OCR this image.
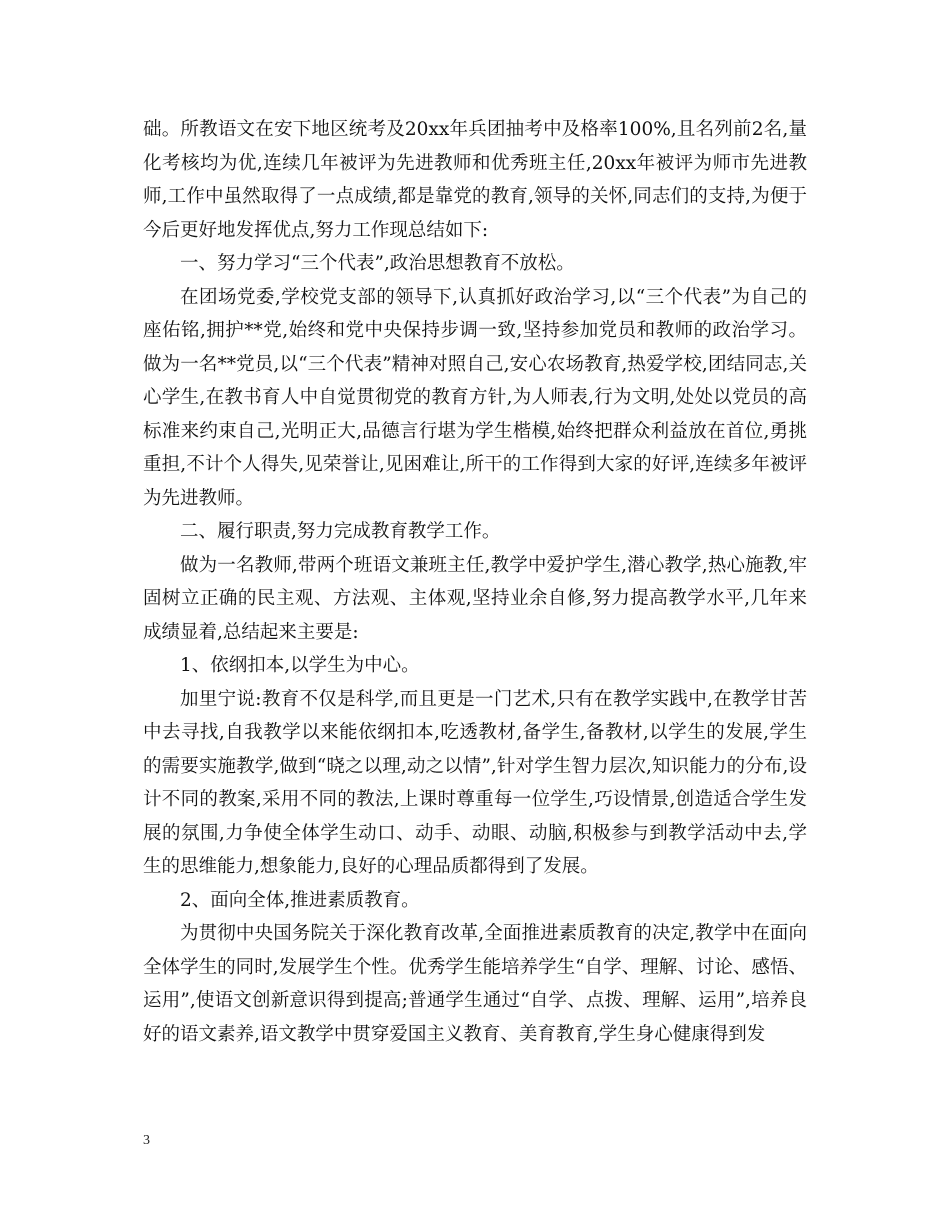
础。所教语文在安下地区统考及20xx年兵团抽考中及格率100%,且名列前2名,量化考核均为优,连续几年被评为先进教师和优秀班主任,20xx年被评为师市先进教师,工作中虽然取得了一点成绩,都是靠党的教育,领导的关怀,同志们的支持,为便于今后更好地发挥优点,努力工作现总结如下:

一、努力学习“三个代表”,政治思想教育不放松。

在团场党委,学校党支部的领导下,认真抓好政治学习,以“三个代表”为自己的座佑铭,拥护**党,始终和党中央保持步调一致,坚持参加党员和教师的政治学习。做为一名**党员,以“三个代表”精神对照自己,安心农场教育,热爱学校,团结同志,关心学生,在教书育人中自觉贯彻党的教育方针,为人师表,行为文明,处处以党员的高标准来约束自己,光明正大,品德言行堪为学生楷模,始终把群众利益放在首位,勇挑重担,不计个人得失,见荣誉让,见困难让,所干的工作得到大家的好评,连续多年被评为先进教师。

二、履行职责,努力完成教育教学工作。

做为一名教师,带两个班语文兼班主任,教学中爱护学生,潜心教学,热心施教,牢固树立正确的民主观、方法观、主体观,坚持业余自修,努力提高教学水平,几年来成绩显着,总结起来主要是:

1、依纲扣本,以学生为中心。

加里宁说:教育不仅是科学,而且更是一门艺术,只有在教学实践中,在教学甘苦中去寻找,自我教学以来能依纲扣本,吃透教材,备学生,备教材,以学生的发展,学生的需要实施教学,做到“晓之以理,动之以情”,针对学生智力层次,知识能力的分布,设计不同的教案,采用不同的教法,上课时尊重每一位学生,巧设情景,创造适合学生发展的氛围,力争使全体学生动口、动手、动眼、动脑,积极参与到教学活动中去,学生的思维能力,想象能力,良好的心理品质都得到了发展。

2、面向全体,推进素质教育。

为贯彻中央国务院关于深化教育改革,全面推进素质教育的决定,教学中在面向全体学生的同时,发展学生个性。优秀学生能培养学生“自学、理解、讨论、感悟、运用”,使语文创新意识得到提高;普通学生通过“自学、点拨、理解、运用”,培养良好的语文素养,语文教学中贯穿爱国主义教育、美育教育,学生身心健康得到发

3
